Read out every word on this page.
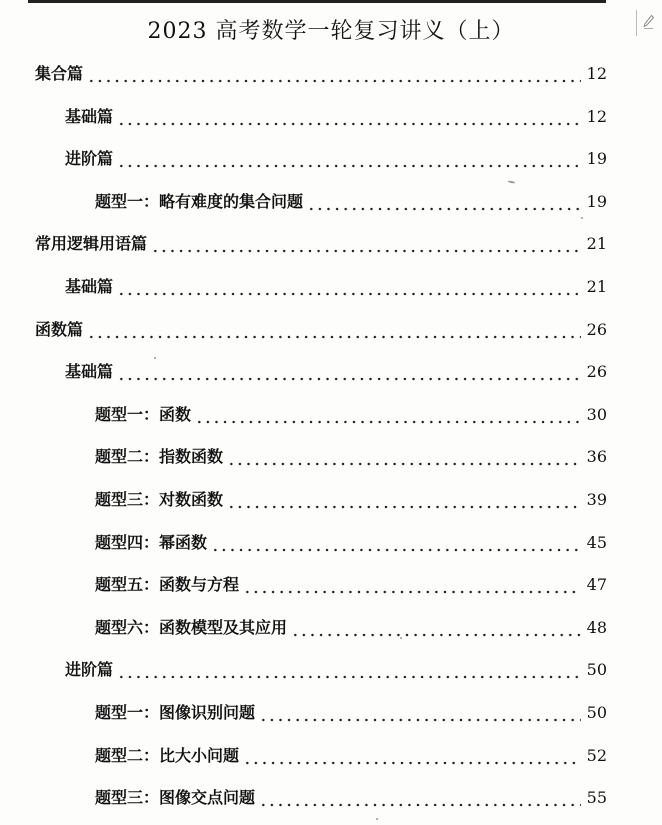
2023 高考数学一轮复习讲义（上）
集合篇	12
基础篇	12
进阶篇	19
题型一：略有难度的集合问题	19
常用逻辑用语篇	21
基础篇	21
函数篇	26
基础篇	26
题型一：函数	30
题型二：指数函数	36
题型三：对数函数	39
题型四：幂函数	45
题型五：函数与方程	47
题型六：函数模型及其应用	48
进阶篇	50
题型一：图像识别问题	50
题型二：比大小问题	52
题型三：图像交点问题	55
